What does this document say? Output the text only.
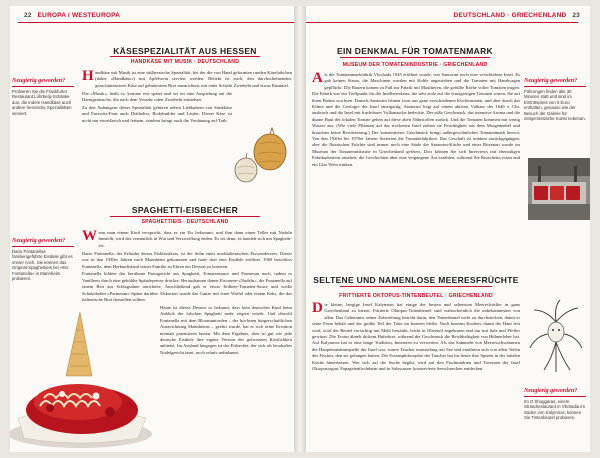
22 EUROPA / WESTEUROPA
KÄSESPEZIALITÄT AUS HESSEN
HANDKÄSE MIT MUSIK · DEUTSCHLAND
Neugierig geworden?
Probieren Sie die Frankfurter Restaurant Lohrberg-Schänke aus, die Indem Handkäse auch andere hessische Spezialitäten serviert.

Handkäse mit Musik ist eine südhessische Spezialität, bei der die von Hand geformten runden Käselaibchen (daher »Handkäse«) mit Apfelwein serviert werden. Beliebt ist auch, den durchscheinenden, geruchintensiven Käse auf gebuttertem Brot anzurichten, mit einer Schicht Zwiebeln und etwas Kümmel.

Die »Musik«, heißt es, komme erst später und sei sei eine Anspielung auf die Darmgeräusche, die nach dem Verzehr roher Zwiebeln entstehen.

Zu den Anhängern dieser Spezialität gehören neben Liebhabern von Stinkkäse und Furzwitz-Fans auch Diäthalter, Bodybuilder und Läufer. Dieser Käse ist nicht nur eiweißreich und fettarm, sondern bringt auch die Verdauung auf Trab.

SPAGHETTI-EISBECHER
SPAGHETTIEIS · DEUTSCHLAND
Neugierig geworden?
Dario Fontanellas familiengeführte Eisdiele gibt es immer noch. Sie können das Original-Spaghettieis bei »Eis Fontanella« in Mannheim probieren.

Wenn man einem Kind verspricht, dass es ein Eis bekommt, und ihm dann einen Teller mit Nudeln hinstellt, wird das vermutlich in Wut und Verzweiflung enden. Es sei denn, es handelt sich um Spaghettieis.

Dario Fontanella, der Erfinder dieses Eisklassikers, ist der Sohn eines norditalienischen Eiswandereres. Dieser war in den 1930er Jahren nach Mannheim gekommen und hatte dort eine Eisdiele eröffnet. 1969 beschloss Fontanella, dem Herkunftsland seiner Familie zu Ehren ein Dessert zu kreieren.

Fontanella bildete das berühmte Pastagericht aus Spaghetti, Tomatensauce und Parmesan nach, indem er Vanilleeis durch eine gekühlte Spätzlepresse drückte. Herauskamen dünne Eiscreme-»Nudeln«, die Fontanella auf einem Bett aus Schlagsahne anrichtete. Anschließend gab er etwas Erdbeer-Tomaten-Sauce und weiße Schokoladen-»Parmesan«-Späne darüber. Dekoriert wurde das Ganze mit einer Waffel oder einem Keks, die das italienische Brot darstellen sollten.

Heute ist dieses Dessert so bekannt, dass kein deutsches Kind beim Anblick der falschen Spaghetti mehr zögern würde. Und obwohl Fontanella mit dem Bloomuniorden – der höchsten bürgerschaftlichen Auszeichnung Mannheims – geehrt wurde, hat er sich seine Kreation niemals patentieren lassen. Mit dem Ergebnis, dass so gut wie jede deutsche Eisdiele ihre eigene Version der gefrorenen Köstlichkeit anbietet. Im Ausland hingegen ist der Eisbecher, der sich als herzhaftes Nudelgericht tarnt, noch relativ unbekannt.

DEUTSCHLAND · GRIECHENLAND 23
EIN DENKMAL FÜR TOMATENMARK
MUSEUM DER TOMATENINDUSTRIE · GRIECHENLAND

Als die Tomatenmarkfabrik Vlychada 1945 eröffnet wurde, war Santorini noch eine verschlafene Insel. Es gab keinen Strom, die Maschinen wurden mit Kohle angetrieben und die Tomaten mit Handwagen gepflückt. Die Bauern kamen zu Fuß zur Fabrik mit Maultieren, die gefüllte Körbe voller Tomaten trugen. Die Fabrik war ein Treffpunkt für die Inselbewohner, die sehr stolz auf die einzigartigen Tomaten waren, die auf ihren Boden wuchsen. Damals Santorini lehnen zwar aus ganz verschiedenen Kirchtomaten, und aber durch das Klima und die Geologie der Insel einzigartig. Santorini liegt auf einem aktiven Vulkan; der 1646 v. Chr. ausbrach und die Insel mit fruchtbarer Vulkanasche bedeckte. Der süße Geschmack, das intensive Aroma und die dünne Haut der lokalen Tomate gehen auf diese alten Nährstoffen zurück. Und die Tomaten kommen mit wenig Wasser aus. (Wie viele Pflanzen auf der trockenen Insel ziehen sie Feuchtigkeit aus dem Morgennebel und brauchen keine Bewässerung.) Der konzentrierte Geschmack bringt außergewöhnliches Tomatenmark hervor. Von den 1920er bis 1970er Jahren florierten die Tomatenfabriken. Das Geschäft ist seitdem zurückgegangen, aber die Ikonischen Früchte sind immer noch eine Säule der Santorini-Küche und einer Ritzenart wurde im Museum der Tomatenindustrie in Griechenland gefeiert. Dort können Sie sich Interviews mit ehemaligen Fabrikarbeitern ansehen, die Geschichten über eine vergangene Ära erzählen, während Sie Bruschetta essen und ein Glas Wein trinken.

Neugierig geworden?
Führungen finden alle 30 Minuten statt und sind im Eintrittspreis von 5 Euro enthalten, genauso wie der Besuch der Galerie für zeitgenössische Kunst nebenan.
SELTENE UND NAMENLOSE MEERESFRÜCHTE
FRITTIERTE OKTOPUS-TINTENBEUTEL · GRIECHENLAND

Die kleine, bergige Insel Kalymnos hat einige der besten und seltensten Meeresfrüchte in ganz Griechenland zu bieten. Frittierte Oktopus-Tintenbeutel sind wahrscheinlich die unbekanntesten von allen. Das Geheimnis seiner Zubereitung besteht darin, den Tintenbeutel nicht zu durchstechen, damit er seine Form behält und der größte Teil der Tinte im Inneren bleibt. Nach kurzem Kochen, damit die Haut fest wird, wird der Beutel vorsichtig mit Mehl bestäubt, leicht in Olivenöl angebraten und nur mit Salz und Pfeffer gewürzt. Die Textur ähnelt dickem Haferbrei, während der Geschmack die Reichhaltigkeit von Hühnerleber hat. Auf Kalymnos hat es eine lange Tradition, Innereien zu verwerten. Als das Sammeln von Meeresschwämmen die Haupteinnahmequelle der Insel war, waren Taucher monatelang auf See und ernährten sich von allen Teilen des Fisches, den sie gefangen hatten. Die Essensphilosophie der Taucher hat bis heute ihre Spuren in der lokalen Küche hinterlassen. Wer sich auf die Suche begibt, wird auf den Fischmärkten und Tavernen der Insel Oktopusorgan, Papageienfischdarm und in Salzwasser konservierte Seeschnecken entdecken.

Neugierig geworden?
Im O Shoggaras, einem Strandrestaurant in Vlichadia im Süden von Kalymnos, können Sie Tintenbeutel probieren.
